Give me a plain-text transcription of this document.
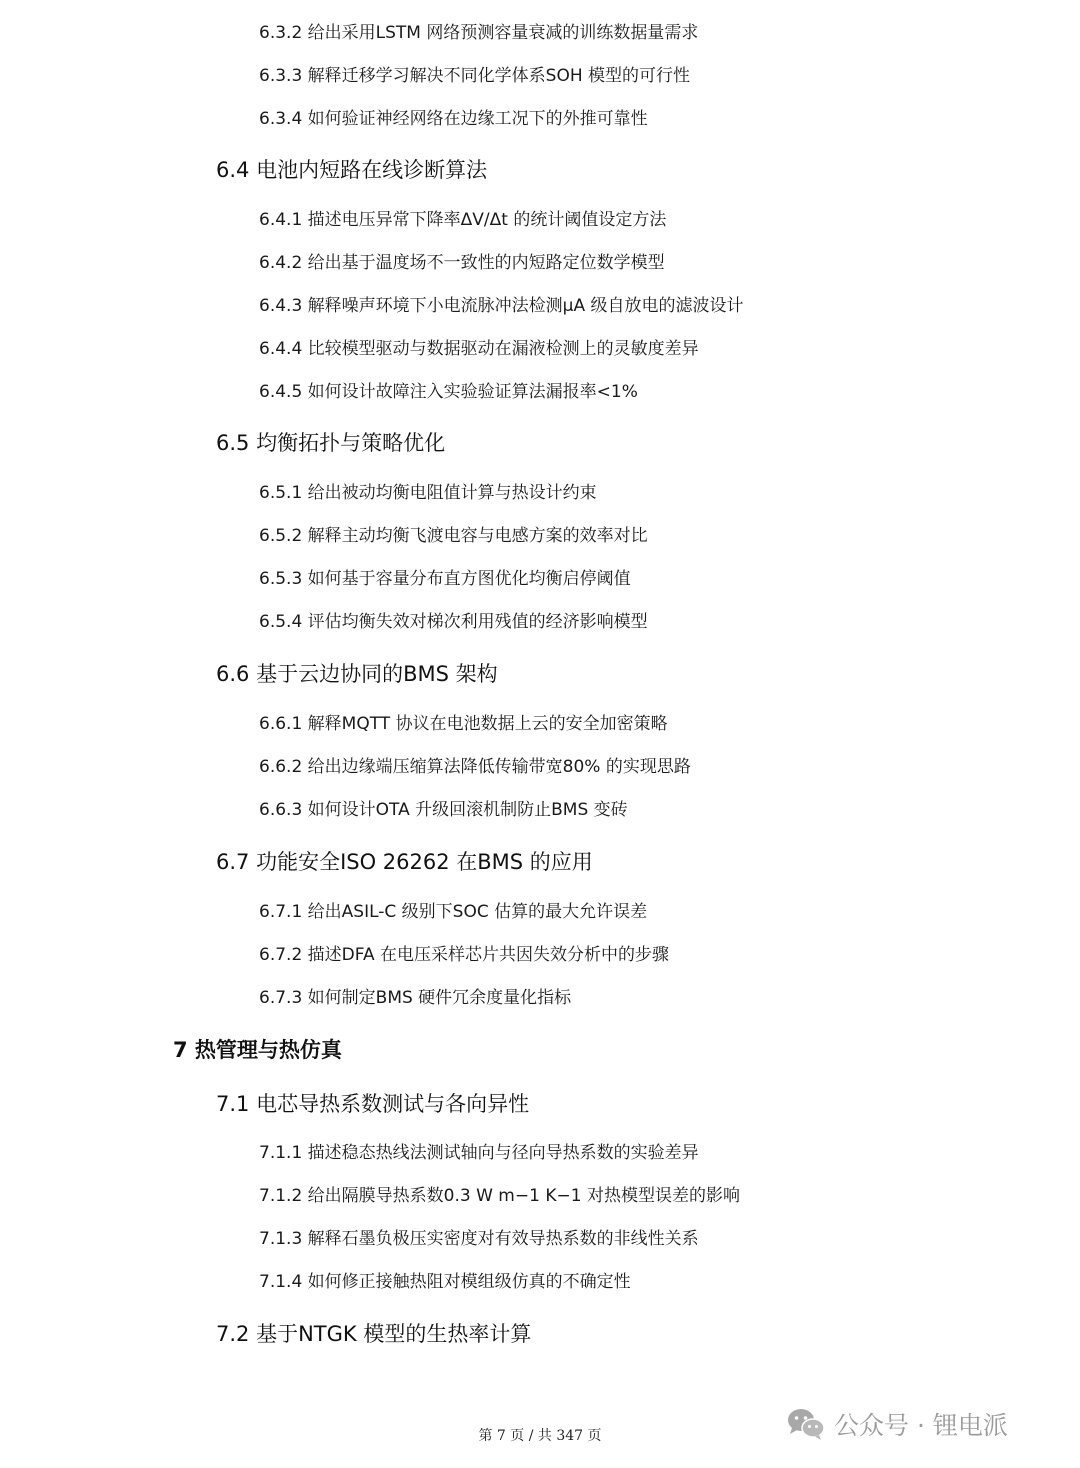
6.3.2 给出采用LSTM 网络预测容量衰减的训练数据量需求
6.3.3 解释迁移学习解决不同化学体系SOH 模型的可行性
6.3.4 如何验证神经网络在边缘工况下的外推可靠性
6.4 电池内短路在线诊断算法
6.4.1 描述电压异常下降率ΔV/Δt 的统计阈值设定方法
6.4.2 给出基于温度场不一致性的内短路定位数学模型
6.4.3 解释噪声环境下小电流脉冲法检测μA 级自放电的滤波设计
6.4.4 比较模型驱动与数据驱动在漏液检测上的灵敏度差异
6.4.5 如何设计故障注入实验验证算法漏报率<1%
6.5 均衡拓扑与策略优化
6.5.1 给出被动均衡电阻值计算与热设计约束
6.5.2 解释主动均衡飞渡电容与电感方案的效率对比
6.5.3 如何基于容量分布直方图优化均衡启停阈值
6.5.4 评估均衡失效对梯次利用残值的经济影响模型
6.6 基于云边协同的BMS 架构
6.6.1 解释MQTT 协议在电池数据上云的安全加密策略
6.6.2 给出边缘端压缩算法降低传输带宽80% 的实现思路
6.6.3 如何设计OTA 升级回滚机制防止BMS 变砖
6.7 功能安全ISO 26262 在BMS 的应用
6.7.1 给出ASIL-C 级别下SOC 估算的最大允许误差
6.7.2 描述DFA 在电压采样芯片共因失效分析中的步骤
6.7.3 如何制定BMS 硬件冗余度量化指标
7 热管理与热仿真
7.1 电芯导热系数测试与各向异性
7.1.1 描述稳态热线法测试轴向与径向导热系数的实验差异
7.1.2 给出隔膜导热系数0.3 W m−1 K−1 对热模型误差的影响
7.1.3 解释石墨负极压实密度对有效导热系数的非线性关系
7.1.4 如何修正接触热阻对模组级仿真的不确定性
7.2 基于NTGK 模型的生热率计算
第 7 页 / 共 347 页	公众号 · 锂电派
